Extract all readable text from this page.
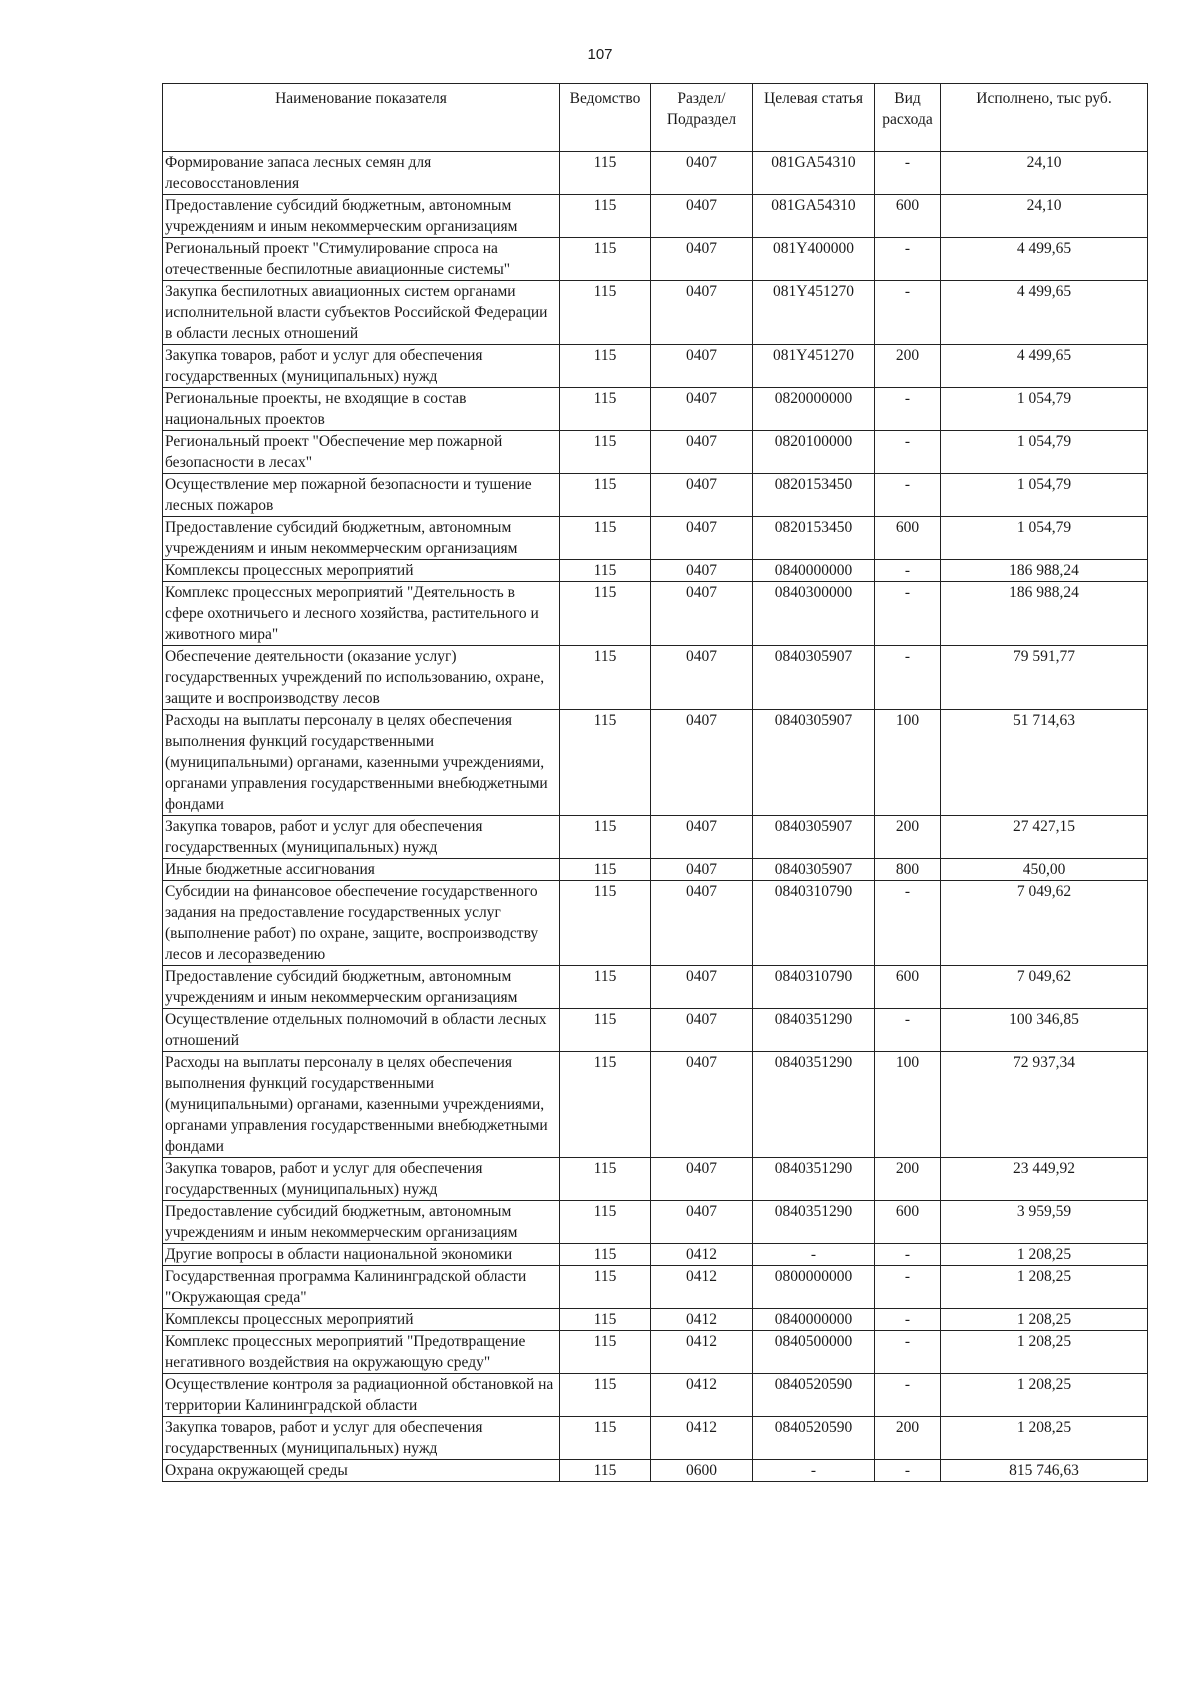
107
Наименование показателя	Ведомство	Раздел/ Подраздел	Целевая статья	Вид расхода	Исполнено, тыс руб.
Формирование запаса лесных семян для лесовосстановления	115	0407	081GA54310	-	24,10
Предоставление субсидий бюджетным, автономным учреждениям и иным некоммерческим организациям	115	0407	081GA54310	600	24,10
Региональный проект "Стимулирование спроса на отечественные беспилотные авиационные системы"	115	0407	081Y400000	-	4 499,65
Закупка беспилотных авиационных систем органами исполнительной власти субъектов Российской Федерации в области лесных отношений	115	0407	081Y451270	-	4 499,65
Закупка товаров, работ и услуг для обеспечения государственных (муниципальных) нужд	115	0407	081Y451270	200	4 499,65
Региональные проекты, не входящие в состав национальных проектов	115	0407	0820000000	-	1 054,79
Региональный проект "Обеспечение мер пожарной безопасности в лесах"	115	0407	0820100000	-	1 054,79
Осуществление мер пожарной безопасности и тушение лесных пожаров	115	0407	0820153450	-	1 054,79
Предоставление субсидий бюджетным, автономным учреждениям и иным некоммерческим организациям	115	0407	0820153450	600	1 054,79
Комплексы процессных мероприятий	115	0407	0840000000	-	186 988,24
Комплекс процессных мероприятий "Деятельность в сфере охотничьего и лесного хозяйства, растительного и животного мира"	115	0407	0840300000	-	186 988,24
Обеспечение деятельности (оказание услуг) государственных учреждений по использованию, охране, защите и воспроизводству лесов	115	0407	0840305907	-	79 591,77
Расходы на выплаты персоналу в целях обеспечения выполнения функций государственными (муниципальными) органами, казенными учреждениями, органами управления государственными внебюджетными фондами	115	0407	0840305907	100	51 714,63
Закупка товаров, работ и услуг для обеспечения государственных (муниципальных) нужд	115	0407	0840305907	200	27 427,15
Иные бюджетные ассигнования	115	0407	0840305907	800	450,00
Субсидии на финансовое обеспечение государственного задания на предоставление государственных услуг (выполнение работ) по охране, защите, воспроизводству лесов и лесоразведению	115	0407	0840310790	-	7 049,62
Предоставление субсидий бюджетным, автономным учреждениям и иным некоммерческим организациям	115	0407	0840310790	600	7 049,62
Осуществление отдельных полномочий в области лесных отношений	115	0407	0840351290	-	100 346,85
Расходы на выплаты персоналу в целях обеспечения выполнения функций государственными (муниципальными) органами, казенными учреждениями, органами управления государственными внебюджетными фондами	115	0407	0840351290	100	72 937,34
Закупка товаров, работ и услуг для обеспечения государственных (муниципальных) нужд	115	0407	0840351290	200	23 449,92
Предоставление субсидий бюджетным, автономным учреждениям и иным некоммерческим организациям	115	0407	0840351290	600	3 959,59
Другие вопросы в области национальной экономики	115	0412	-	-	1 208,25
Государственная программа Калининградской области "Окружающая среда"	115	0412	0800000000	-	1 208,25
Комплексы процессных мероприятий	115	0412	0840000000	-	1 208,25
Комплекс процессных мероприятий "Предотвращение негативного воздействия на окружающую среду"	115	0412	0840500000	-	1 208,25
Осуществление контроля за радиационной обстановкой на территории Калининградской области	115	0412	0840520590	-	1 208,25
Закупка товаров, работ и услуг для обеспечения государственных (муниципальных) нужд	115	0412	0840520590	200	1 208,25
Охрана окружающей среды	115	0600	-	-	815 746,63
